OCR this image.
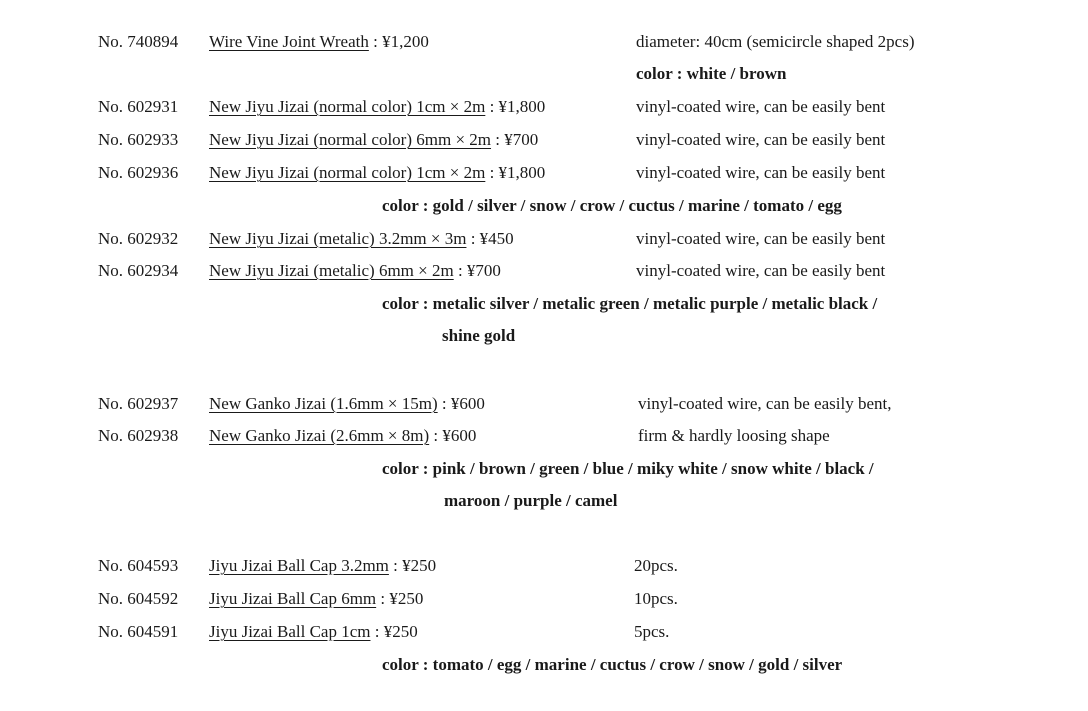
No. 740894 Wire Vine Joint Wreath : ¥1,200	diameter: 40cm (semicircle shaped 2pcs)
color : white / brown
No. 602931 New Jiyu Jizai (normal color) 1cm × 2m : ¥1,800	vinyl-coated wire, can be easily bent
No. 602933 New Jiyu Jizai (normal color) 6mm × 2m : ¥700	vinyl-coated wire, can be easily bent
No. 602936 New Jiyu Jizai (normal color) 1cm × 2m : ¥1,800	vinyl-coated wire, can be easily bent
color : gold / silver / snow / crow / cuctus / marine / tomato / egg
No. 602932 New Jiyu Jizai (metalic) 3.2mm × 3m : ¥450	vinyl-coated wire, can be easily bent
No. 602934 New Jiyu Jizai (metalic) 6mm × 2m : ¥700	vinyl-coated wire, can be easily bent
color : metalic silver / metalic green / metalic purple / metalic black /
shine gold
No. 602937 New Ganko Jizai (1.6mm × 15m) : ¥600	vinyl-coated wire, can be easily bent,
No. 602938 New Ganko Jizai (2.6mm × 8m) : ¥600	firm & hardly loosing shape
color : pink / brown / green / blue / miky white / snow white / black /
maroon / purple / camel
No. 604593 Jiyu Jizai Ball Cap 3.2mm : ¥250	20pcs.
No. 604592 Jiyu Jizai Ball Cap 6mm : ¥250	10pcs.
No. 604591 Jiyu Jizai Ball Cap 1cm : ¥250	5pcs.
color : tomato / egg / marine / cuctus / crow / snow / gold / silver
